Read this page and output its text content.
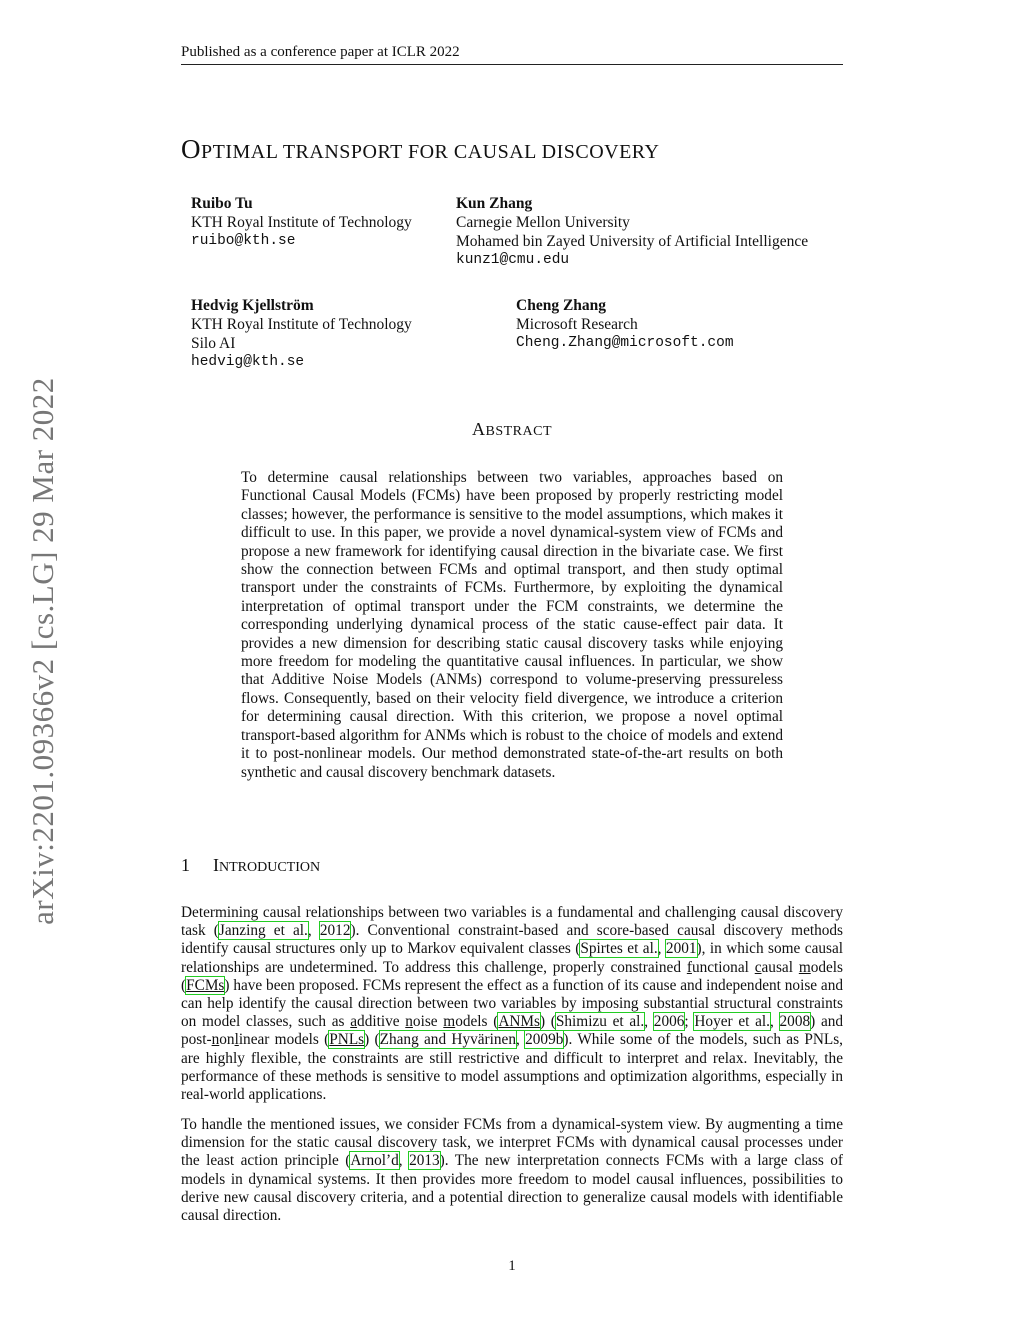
Published as a conference paper at ICLR 2022
OPTIMAL TRANSPORT FOR CAUSAL DISCOVERY
Ruibo Tu
KTH Royal Institute of Technology
ruibo@kth.se
Kun Zhang
Carnegie Mellon University
Mohamed bin Zayed University of Artificial Intelligence
kunz1@cmu.edu
Hedvig Kjellström
KTH Royal Institute of Technology
Silo AI
hedvig@kth.se
Cheng Zhang
Microsoft Research
Cheng.Zhang@microsoft.com
arXiv:2201.09366v2 [cs.LG] 29 Mar 2022	ABSTRACT
To determine causal relationships between two variables, approaches based on Functional Causal Models (FCMs) have been proposed by properly restricting model classes; however, the performance is sensitive to the model assumptions, which makes it difficult to use. In this paper, we provide a novel dynamical-system view of FCMs and propose a new framework for identifying causal direction in the bivariate case. We first show the connection between FCMs and optimal transport, and then study optimal transport under the constraints of FCMs. Furthermore, by exploiting the dynamical interpretation of optimal transport under the FCM constraints, we determine the corresponding underlying dynamical process of the static cause-effect pair data. It provides a new dimension for describing static causal discovery tasks while enjoying more freedom for modeling the quantitative causal influences. In particular, we show that Additive Noise Models (ANMs) correspond to volume-preserving pressureless flows. Consequently, based on their velocity field divergence, we introduce a criterion for determining causal direction. With this criterion, we propose a novel optimal transport-based algorithm for ANMs which is robust to the choice of models and extend it to post-nonlinear models. Our method demonstrated state-of-the-art results on both synthetic and causal discovery benchmark datasets.
1 INTRODUCTION
Determining causal relationships between two variables is a fundamental and challenging causal discovery task (Janzing et al., 2012). Conventional constraint-based and score-based causal discovery methods identify causal structures only up to Markov equivalent classes (Spirtes et al., 2001), in which some causal relationships are undetermined. To address this challenge, properly constrained functional causal models (FCMs) have been proposed. FCMs represent the effect as a function of its cause and independent noise and can help identify the causal direction between two variables by imposing substantial structural constraints on model classes, such as additive noise models (ANMs) (Shimizu et al., 2006; Hoyer et al., 2008) and post-nonlinear models (PNLs) (Zhang and Hyvärinen, 2009b). While some of the models, such as PNLs, are highly flexible, the constraints are still restrictive and difficult to interpret and relax. Inevitably, the performance of these methods is sensitive to model assumptions and optimization algorithms, especially in real-world applications.
To handle the mentioned issues, we consider FCMs from a dynamical-system view. By augmenting a time dimension for the static causal discovery task, we interpret FCMs with dynamical causal processes under the least action principle (Arnol’d, 2013). The new interpretation connects FCMs with a large class of models in dynamical systems. It then provides more freedom to model causal influences, possibilities to derive new causal discovery criteria, and a potential direction to generalize causal models with identifiable causal direction.
1
